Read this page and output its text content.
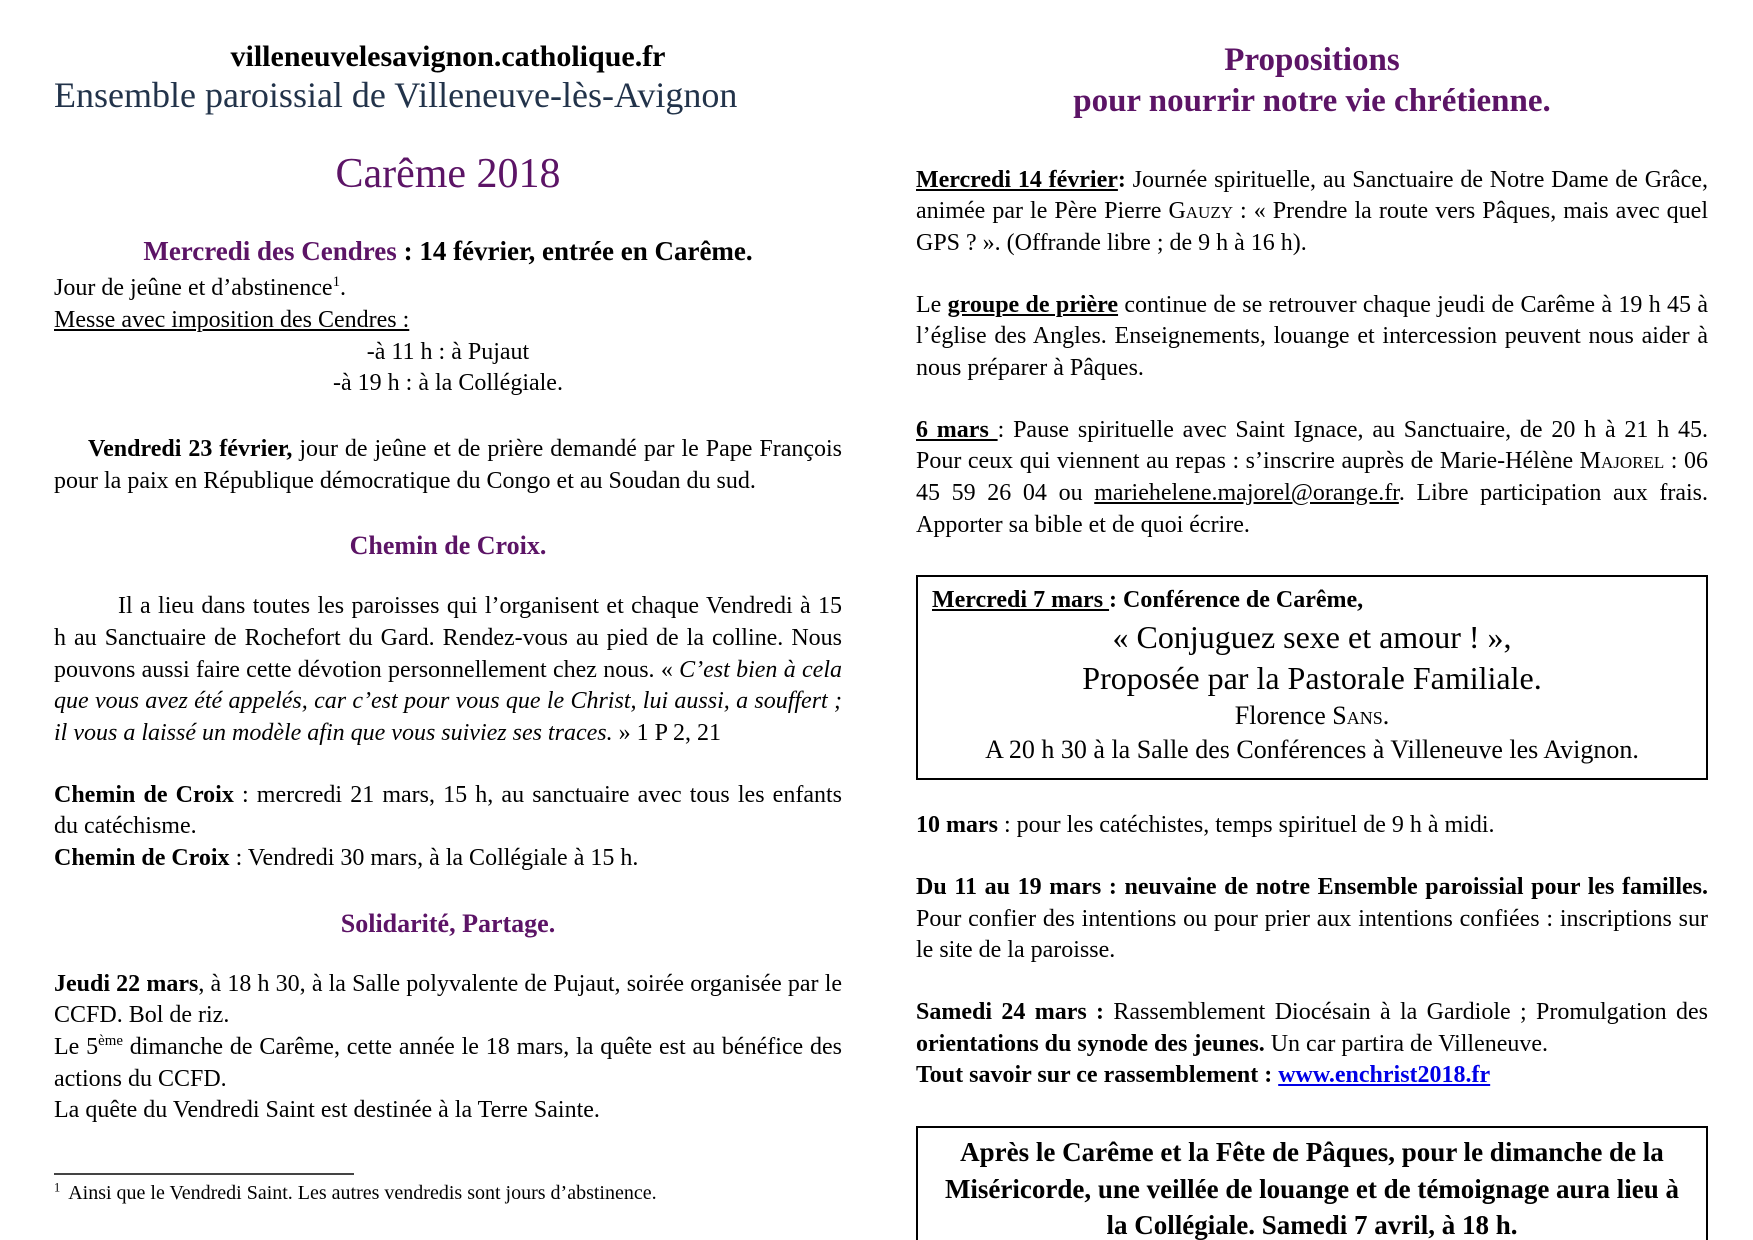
villeneuvelesavignon.catholique.fr
Ensemble paroissial de Villeneuve-lès-Avignon
Carême 2018
Mercredi des Cendres : 14 février, entrée en Carême.
Jour de jeûne et d’abstinence$^1$.
Messe avec imposition des Cendres :
-à 11 h : à Pujaut
-à 19 h : à la Collégiale.
Vendredi 23 février, jour de jeûne et de prière demandé par le Pape François pour la paix en République démocratique du Congo et au Soudan du sud.
Chemin de Croix.
Il a lieu dans toutes les paroisses qui l’organisent et chaque Vendredi à 15 h au Sanctuaire de Rochefort du Gard. Rendez-vous au pied de la colline. Nous pouvons aussi faire cette dévotion personnellement chez nous. « C’est bien à cela que vous avez été appelés, car c’est pour vous que le Christ, lui aussi, a souffert ; il vous a laissé un modèle afin que vous suiviez ses traces. » 1 P 2, 21
Chemin de Croix : mercredi 21 mars, 15 h, au sanctuaire avec tous les enfants du catéchisme.
Chemin de Croix : Vendredi 30 mars, à la Collégiale à 15 h.
Solidarité, Partage.
Jeudi 22 mars, à 18 h 30, à la Salle polyvalente de Pujaut, soirée organisée par le CCFD. Bol de riz.
Le 5ème dimanche de Carême, cette année le 18 mars, la quête est au bénéfice des actions du CCFD.
La quête du Vendredi Saint est destinée à la Terre Sainte.
$^1$ Ainsi que le Vendredi Saint. Les autres vendredis sont jours d’abstinence.
Propositions
pour nourrir notre vie chrétienne.
Mercredi 14 février: Journée spirituelle, au Sanctuaire de Notre Dame de Grâce, animée par le Père Pierre Gauzy : « Prendre la route vers Pâques, mais avec quel GPS ? ». (Offrande libre ; de 9 h à 16 h).
Le groupe de prière continue de se retrouver chaque jeudi de Carême à 19 h 45 à l’église des Angles. Enseignements, louange et intercession peuvent nous aider à nous préparer à Pâques.
6 mars : Pause spirituelle avec Saint Ignace, au Sanctuaire, de 20 h à 21 h 45. Pour ceux qui viennent au repas : s’inscrire auprès de Marie-Hélène Majorel : 06 45 59 26 04 ou mariehelene.majorel@orange.fr. Libre participation aux frais. Apporter sa bible et de quoi écrire.
Mercredi 7 mars : Conférence de Carême,
« Conjuguez sexe et amour ! »,
Proposée par la Pastorale Familiale.
Florence Sans.
A 20 h 30 à la Salle des Conférences à Villeneuve les Avignon.
10 mars : pour les catéchistes, temps spirituel de 9 h à midi.
Du 11 au 19 mars : neuvaine de notre Ensemble paroissial pour les familles. Pour confier des intentions ou pour prier aux intentions confiées : inscriptions sur le site de la paroisse.
Samedi 24 mars : Rassemblement Diocésain à la Gardiole ; Promulgation des orientations du synode des jeunes. Un car partira de Villeneuve.
Tout savoir sur ce rassemblement : www.enchrist2018.fr
Après le Carême et la Fête de Pâques, pour le dimanche de la Miséricorde, une veillée de louange et de témoignage aura lieu à la Collégiale. Samedi 7 avril, à 18 h.
